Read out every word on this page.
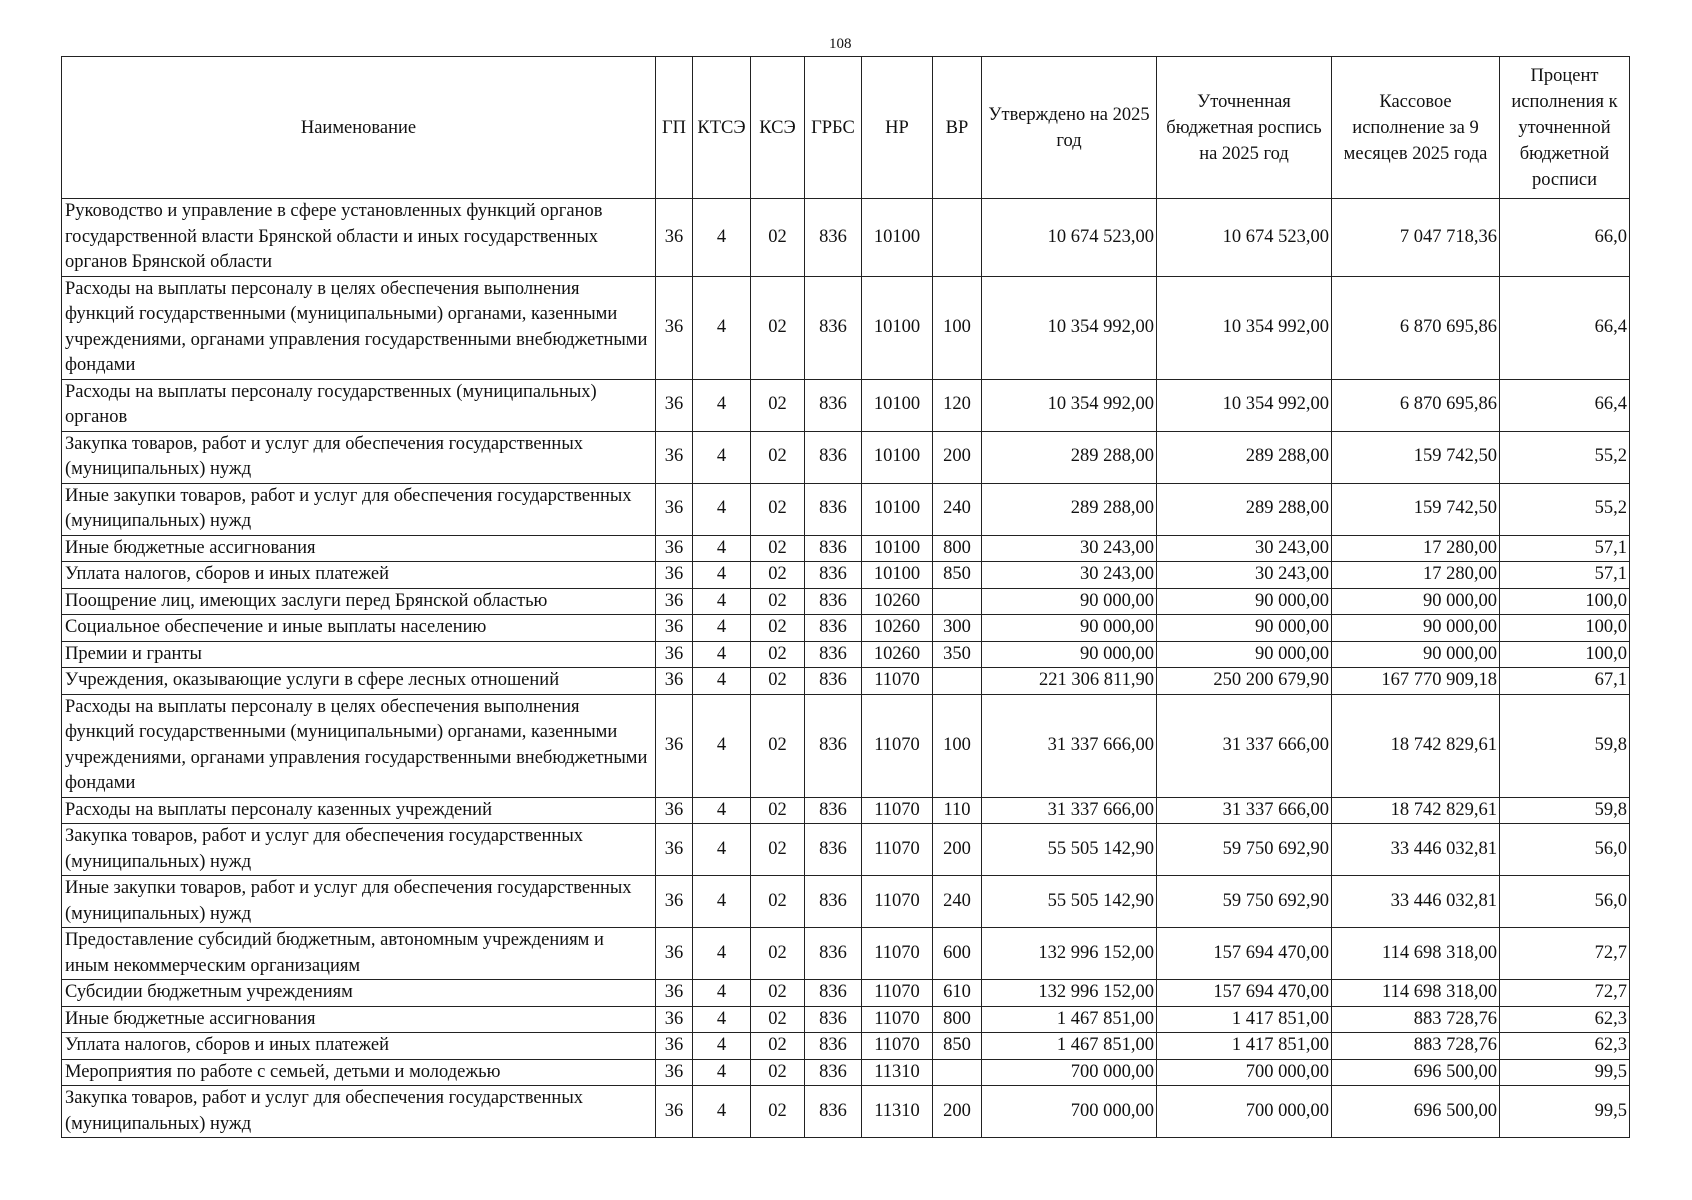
108
Наименование	ГП	КТСЭ	КСЭ	ГРБС	НР	ВР	Утверждено на 2025 год	Уточненная бюджетная роспись на 2025 год	Кассовое исполнение за 9 месяцев 2025 года	Процент исполнения к уточненной бюджетной росписи
Руководство и управление в сфере установленных функций органов государственной власти Брянской области и иных государственных органов Брянской области	36	4	02	836	10100		10 674 523,00	10 674 523,00	7 047 718,36	66,0
Расходы на выплаты персоналу в целях обеспечения выполнения функций государственными (муниципальными) органами, казенными учреждениями, органами управления государственными внебюджетными фондами	36	4	02	836	10100	100	10 354 992,00	10 354 992,00	6 870 695,86	66,4
Расходы на выплаты персоналу государственных (муниципальных) органов	36	4	02	836	10100	120	10 354 992,00	10 354 992,00	6 870 695,86	66,4
Закупка товаров, работ и услуг для обеспечения государственных (муниципальных) нужд	36	4	02	836	10100	200	289 288,00	289 288,00	159 742,50	55,2
Иные закупки товаров, работ и услуг для обеспечения государственных (муниципальных) нужд	36	4	02	836	10100	240	289 288,00	289 288,00	159 742,50	55,2
Иные бюджетные ассигнования	36	4	02	836	10100	800	30 243,00	30 243,00	17 280,00	57,1
Уплата налогов, сборов и иных платежей	36	4	02	836	10100	850	30 243,00	30 243,00	17 280,00	57,1
Поощрение лиц, имеющих заслуги перед Брянской областью	36	4	02	836	10260		90 000,00	90 000,00	90 000,00	100,0
Социальное обеспечение и иные выплаты населению	36	4	02	836	10260	300	90 000,00	90 000,00	90 000,00	100,0
Премии и гранты	36	4	02	836	10260	350	90 000,00	90 000,00	90 000,00	100,0
Учреждения, оказывающие услуги в сфере лесных отношений	36	4	02	836	11070		221 306 811,90	250 200 679,90	167 770 909,18	67,1
Расходы на выплаты персоналу в целях обеспечения выполнения функций государственными (муниципальными) органами, казенными учреждениями, органами управления государственными внебюджетными фондами	36	4	02	836	11070	100	31 337 666,00	31 337 666,00	18 742 829,61	59,8
Расходы на выплаты персоналу казенных учреждений	36	4	02	836	11070	110	31 337 666,00	31 337 666,00	18 742 829,61	59,8
Закупка товаров, работ и услуг для обеспечения государственных (муниципальных) нужд	36	4	02	836	11070	200	55 505 142,90	59 750 692,90	33 446 032,81	56,0
Иные закупки товаров, работ и услуг для обеспечения государственных (муниципальных) нужд	36	4	02	836	11070	240	55 505 142,90	59 750 692,90	33 446 032,81	56,0
Предоставление субсидий бюджетным, автономным учреждениям и иным некоммерческим организациям	36	4	02	836	11070	600	132 996 152,00	157 694 470,00	114 698 318,00	72,7
Субсидии бюджетным учреждениям	36	4	02	836	11070	610	132 996 152,00	157 694 470,00	114 698 318,00	72,7
Иные бюджетные ассигнования	36	4	02	836	11070	800	1 467 851,00	1 417 851,00	883 728,76	62,3
Уплата налогов, сборов и иных платежей	36	4	02	836	11070	850	1 467 851,00	1 417 851,00	883 728,76	62,3
Мероприятия по работе с семьей, детьми и молодежью	36	4	02	836	11310		700 000,00	700 000,00	696 500,00	99,5
Закупка товаров, работ и услуг для обеспечения государственных (муниципальных) нужд	36	4	02	836	11310	200	700 000,00	700 000,00	696 500,00	99,5
